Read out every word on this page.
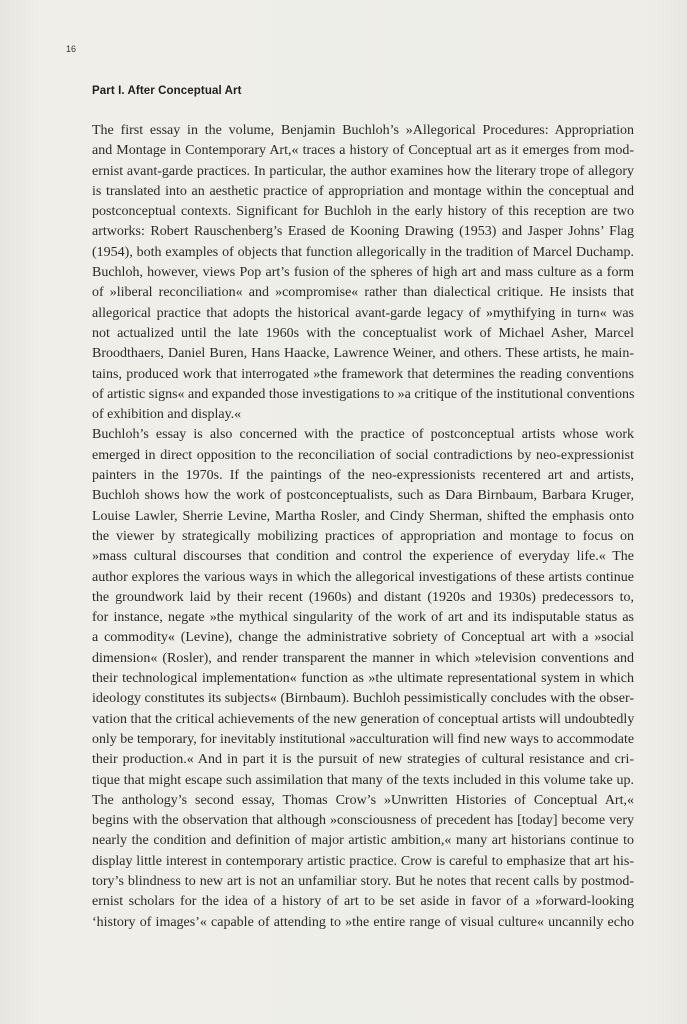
16
Part I. After Conceptual Art
The first essay in the volume, Benjamin Buchloh’s »Allegorical Procedures: Appropriation
and Montage in Contemporary Art,« traces a history of Conceptual art as it emerges from mod-
ernist avant-garde practices. In particular, the author examines how the literary trope of allegory
is translated into an aesthetic practice of appropriation and montage within the conceptual and
postconceptual contexts. Significant for Buchloh in the early history of this reception are two
artworks: Robert Rauschenberg’s Erased de Kooning Drawing (1953) and Jasper Johns’ Flag
(1954), both examples of objects that function allegorically in the tradition of Marcel Duchamp.
Buchloh, however, views Pop art’s fusion of the spheres of high art and mass culture as a form
of »liberal reconciliation« and »compromise« rather than dialectical critique. He insists that
allegorical practice that adopts the historical avant-garde legacy of »mythifying in turn« was
not actualized until the late 1960s with the conceptualist work of Michael Asher, Marcel
Broodthaers, Daniel Buren, Hans Haacke, Lawrence Weiner, and others. These artists, he main-
tains, produced work that interrogated »the framework that determines the reading conventions
of artistic signs« and expanded those investigations to »a critique of the institutional conventions
of exhibition and display.«
Buchloh’s essay is also concerned with the practice of postconceptual artists whose work
emerged in direct opposition to the reconciliation of social contradictions by neo-expressionist
painters in the 1970s. If the paintings of the neo-expressionists recentered art and artists,
Buchloh shows how the work of postconceptualists, such as Dara Birnbaum, Barbara Kruger,
Louise Lawler, Sherrie Levine, Martha Rosler, and Cindy Sherman, shifted the emphasis onto
the viewer by strategically mobilizing practices of appropriation and montage to focus on
»mass cultural discourses that condition and control the experience of everyday life.« The
author explores the various ways in which the allegorical investigations of these artists continue
the groundwork laid by their recent (1960s) and distant (1920s and 1930s) predecessors to,
for instance, negate »the mythical singularity of the work of art and its indisputable status as
a commodity« (Levine), change the administrative sobriety of Conceptual art with a »social
dimension« (Rosler), and render transparent the manner in which »television conventions and
their technological implementation« function as »the ultimate representational system in which
ideology constitutes its subjects« (Birnbaum). Buchloh pessimistically concludes with the obser-
vation that the critical achievements of the new generation of conceptual artists will undoubtedly
only be temporary, for inevitably institutional »acculturation will find new ways to accommodate
their production.« And in part it is the pursuit of new strategies of cultural resistance and cri-
tique that might escape such assimilation that many of the texts included in this volume take up.
The anthology’s second essay, Thomas Crow’s »Unwritten Histories of Conceptual Art,«
begins with the observation that although »consciousness of precedent has [today] become very
nearly the condition and definition of major artistic ambition,« many art historians continue to
display little interest in contemporary artistic practice. Crow is careful to emphasize that art his-
tory’s blindness to new art is not an unfamiliar story. But he notes that recent calls by postmod-
ernist scholars for the idea of a history of art to be set aside in favor of a »forward-looking
‘history of images’« capable of attending to »the entire range of visual culture« uncannily echo
